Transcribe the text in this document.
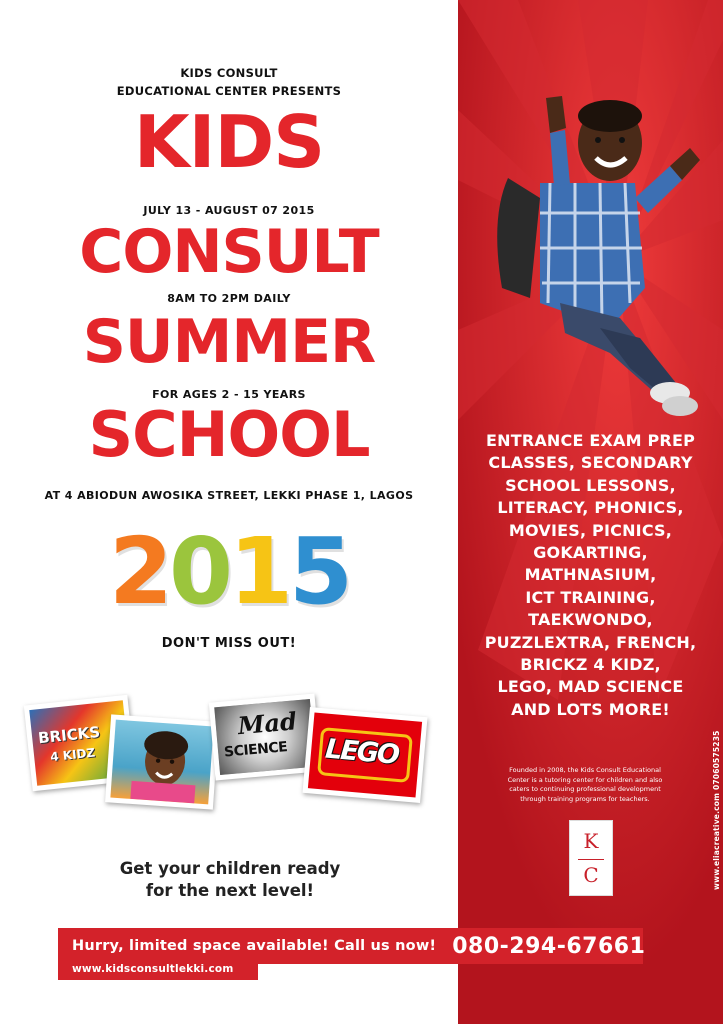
KIDS CONSULT
EDUCATIONAL CENTER PRESENTS
KIDS
JULY 13 - AUGUST 07 2015
CONSULT
8AM TO 2PM DAILY
SUMMER
FOR AGES 2 - 15 YEARS
SCHOOL
AT 4 ABIODUN AWOSIKA STREET, LEKKI PHASE 1, LAGOS
2015
DON'T MISS OUT!
BRICKS
4 KIDZ
Mad
SCIENCE LEGO
Get your children ready
for the next level!
ENTRANCE EXAM PREP
CLASSES, SECONDARY
SCHOOL LESSONS,
LITERACY, PHONICS,
MOVIES, PICNICS,
GOKARTING,
MATHNASIUM,
ICT TRAINING,
TAEKWONDO,
PUZZLEXTRA, FRENCH,
BRICKZ 4 KIDZ,
LEGO, MAD SCIENCE
AND LOTS MORE!
Founded in 2008, the Kids Consult Educational
Center is a tutoring center for children and also
caters to continuing professional development
through training programs for teachers.
K
C	www.eliacreative.com 07060575235
Hurry, limited space available! Call us now! 080-294-67661
www.kidsconsultlekki.com
